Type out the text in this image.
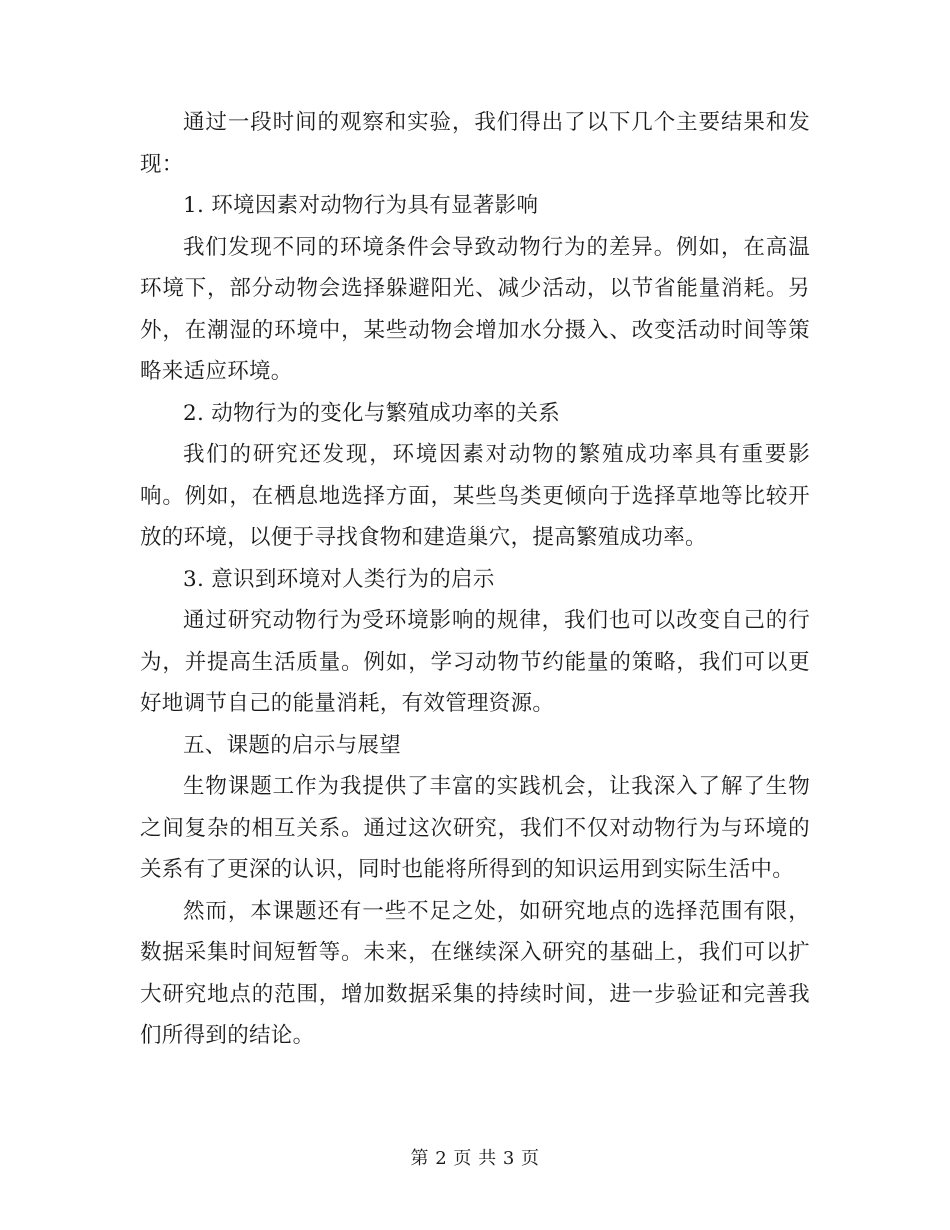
通过一段时间的观察和实验，我们得出了以下几个主要结果和发现：

1. 环境因素对动物行为具有显著影响

我们发现不同的环境条件会导致动物行为的差异。例如，在高温环境下，部分动物会选择躲避阳光、减少活动，以节省能量消耗。另外，在潮湿的环境中，某些动物会增加水分摄入、改变活动时间等策略来适应环境。

2. 动物行为的变化与繁殖成功率的关系

我们的研究还发现，环境因素对动物的繁殖成功率具有重要影响。例如，在栖息地选择方面，某些鸟类更倾向于选择草地等比较开放的环境，以便于寻找食物和建造巢穴，提高繁殖成功率。

3. 意识到环境对人类行为的启示

通过研究动物行为受环境影响的规律，我们也可以改变自己的行为，并提高生活质量。例如，学习动物节约能量的策略，我们可以更好地调节自己的能量消耗，有效管理资源。

五、课题的启示与展望

生物课题工作为我提供了丰富的实践机会，让我深入了解了生物之间复杂的相互关系。通过这次研究，我们不仅对动物行为与环境的关系有了更深的认识，同时也能将所得到的知识运用到实际生活中。

然而，本课题还有一些不足之处，如研究地点的选择范围有限，数据采集时间短暂等。未来，在继续深入研究的基础上，我们可以扩大研究地点的范围，增加数据采集的持续时间，进一步验证和完善我们所得到的结论。

第 2 页 共 3 页
